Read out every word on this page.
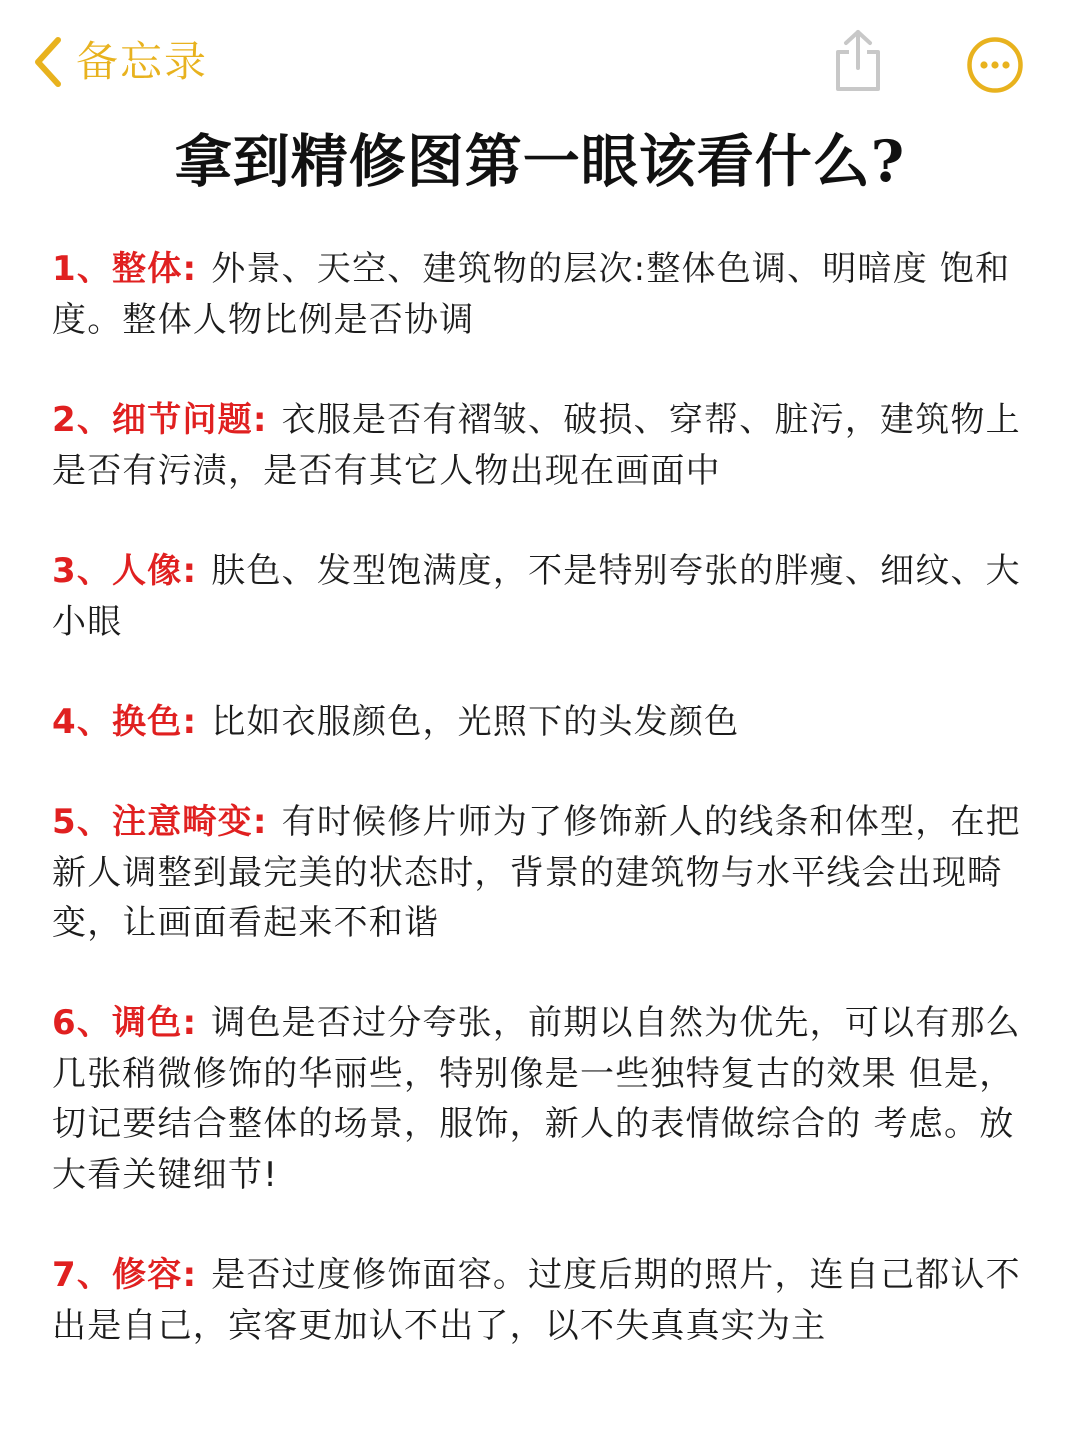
备忘录
拿到精修图第一眼该看什么?
1、整体: 外景、天空、建筑物的层次:整体色调、明暗度 饱和度。整体人物比例是否协调
2、细节问题: 衣服是否有褶皱、破损、穿帮、脏污，建筑物上是否有污渍，是否有其它人物出现在画面中
3、人像: 肤色、发型饱满度，不是特别夸张的胖瘦、细纹、大小眼
4、换色: 比如衣服颜色，光照下的头发颜色
5、注意畸变: 有时候修片师为了修饰新人的线条和体型，在把新人调整到最完美的状态时，背景的建筑物与水平线会出现畸变，让画面看起来不和谐
6、调色: 调色是否过分夸张，前期以自然为优先，可以有那么几张稍微修饰的华丽些，特别像是一些独特复古的效果 但是，切记要结合整体的场景，服饰，新人的表情做综合的 考虑。放大看关键细节!
7、修容: 是否过度修饰面容。过度后期的照片，连自己都认不出是自己，宾客更加认不出了，以不失真真实为主
